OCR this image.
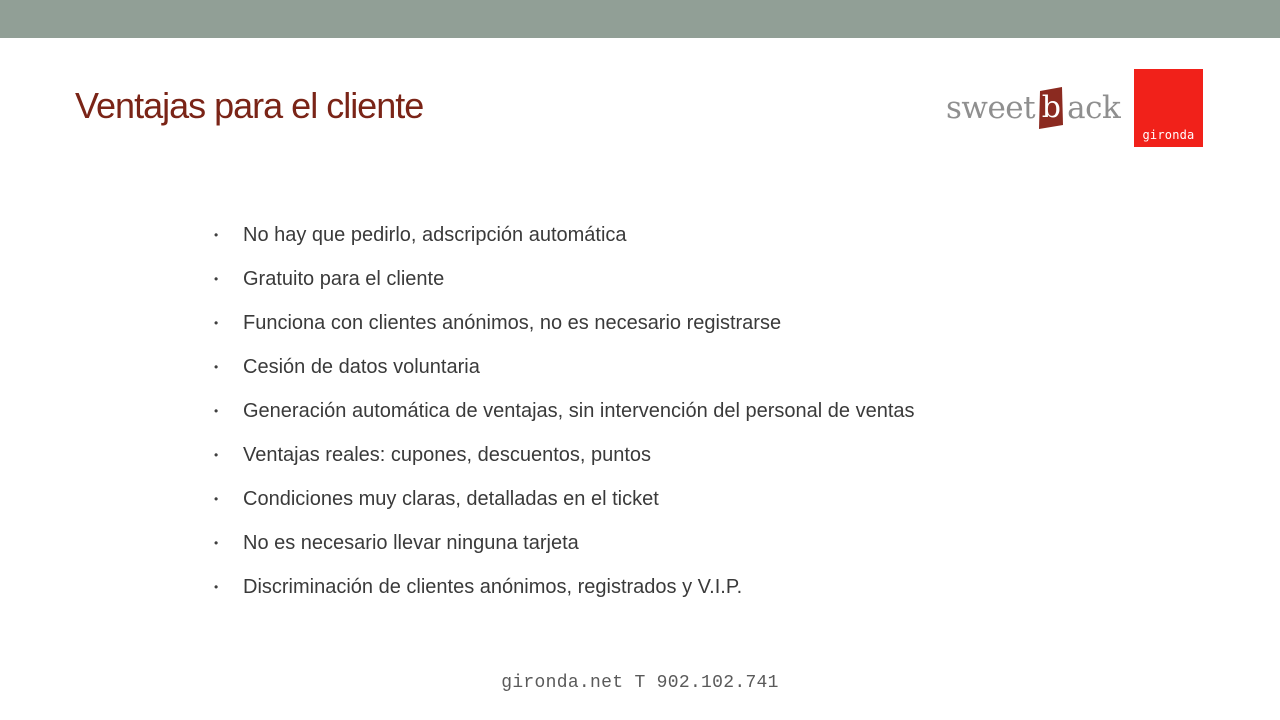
Ventajas para el cliente	sweet b ack
gironda
• No hay que pedirlo, adscripción automática
• Gratuito para el cliente
• Funciona con clientes anónimos, no es necesario registrarse
• Cesión de datos voluntaria
• Generación automática de ventajas, sin intervención del personal de ventas
• Ventajas reales: cupones, descuentos, puntos
• Condiciones muy claras, detalladas en el ticket
• No es necesario llevar ninguna tarjeta
• Discriminación de clientes anónimos, registrados y V.I.P.
gironda.net T 902.102.741
